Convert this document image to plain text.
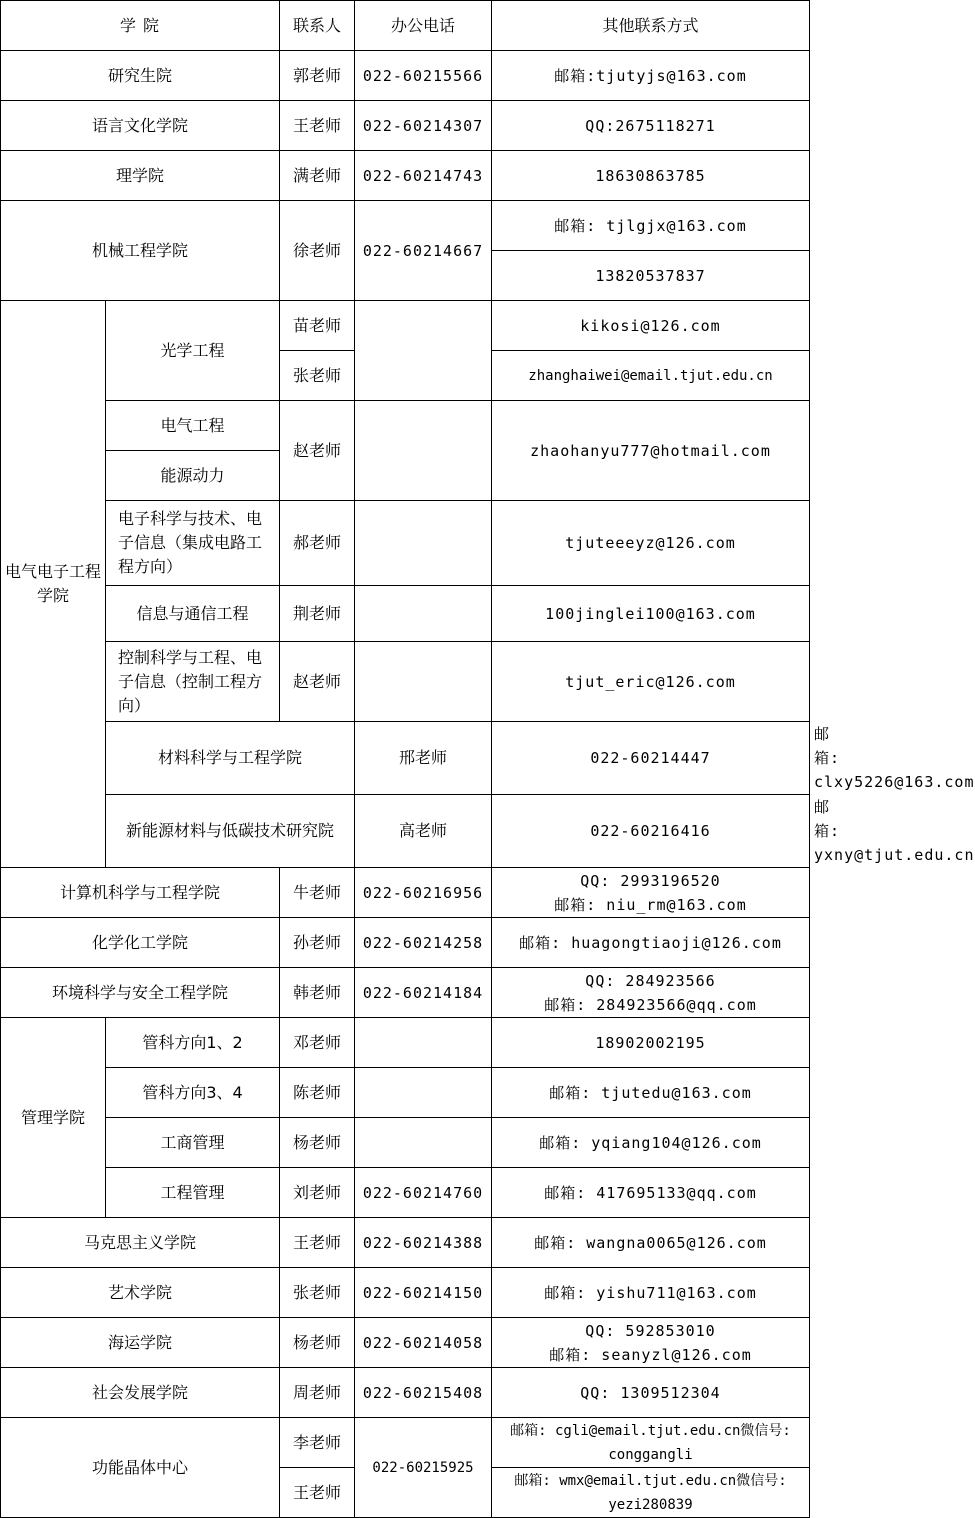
学 院		联系人	办公电话	其他联系方式	
研究生院		郭老师	022-60215566	邮箱:tjutyjs@163.com	
语言文化学院		王老师	022-60214307	QQ:2675118271	
理学院		满老师	022-60214743	18630863785	
机械工程学院		徐老师	022-60214667	邮箱: tjlgjx@163.com	
				13820537837	
电气电子工程学院	光学工程	苗老师		kikosi@126.com	
		张老师		zhanghaiwei@email.tjut.edu.cn	
	电气工程	赵老师		zhaohanyu777@hotmail.com	
	能源动力				
	电子科学与技术、电子信息（集成电路工程方向）	郝老师		tjuteeeyz@126.com	
	信息与通信工程	荆老师		100jinglei100@163.com	
	控制科学与工程、电子信息（控制工程方向）	赵老师		tjut_eric@126.com	
	材料科学与工程学院		邢老师	022-60214447	邮箱: clxy5226@163.com
	新能源材料与低碳技术研究院		高老师	022-60216416	邮箱: yxny@tjut.edu.cn
计算机科学与工程学院		牛老师	022-60216956	QQ: 2993196520
邮箱: niu_rm@163.com	

化学化工学院		孙老师	022-60214258	邮箱: huagongtiaoji@126.com	
环境科学与安全工程学院		韩老师	022-60214184	QQ: 284923566
邮箱: 284923566@qq.com	

管理学院	管科方向1、2	邓老师		18902002195	
	管科方向3、4	陈老师		邮箱: tjutedu@163.com	
	工商管理	杨老师		邮箱: yqiang104@126.com	
	工程管理	刘老师	022-60214760	邮箱: 417695133@qq.com	
马克思主义学院		王老师	022-60214388	邮箱: wangna0065@126.com	
艺术学院		张老师	022-60214150	邮箱: yishu711@163.com	
海运学院		杨老师	022-60214058	QQ: 592853010
邮箱: seanyzl@126.com	

社会发展学院		周老师	022-60215408	QQ: 1309512304	
功能晶体中心		李老师	022-60215925	邮箱: cgli@email.tjut.edu.cn微信号: conggangli	
		王老师		邮箱: wmx@email.tjut.edu.cn微信号: yezi280839	
